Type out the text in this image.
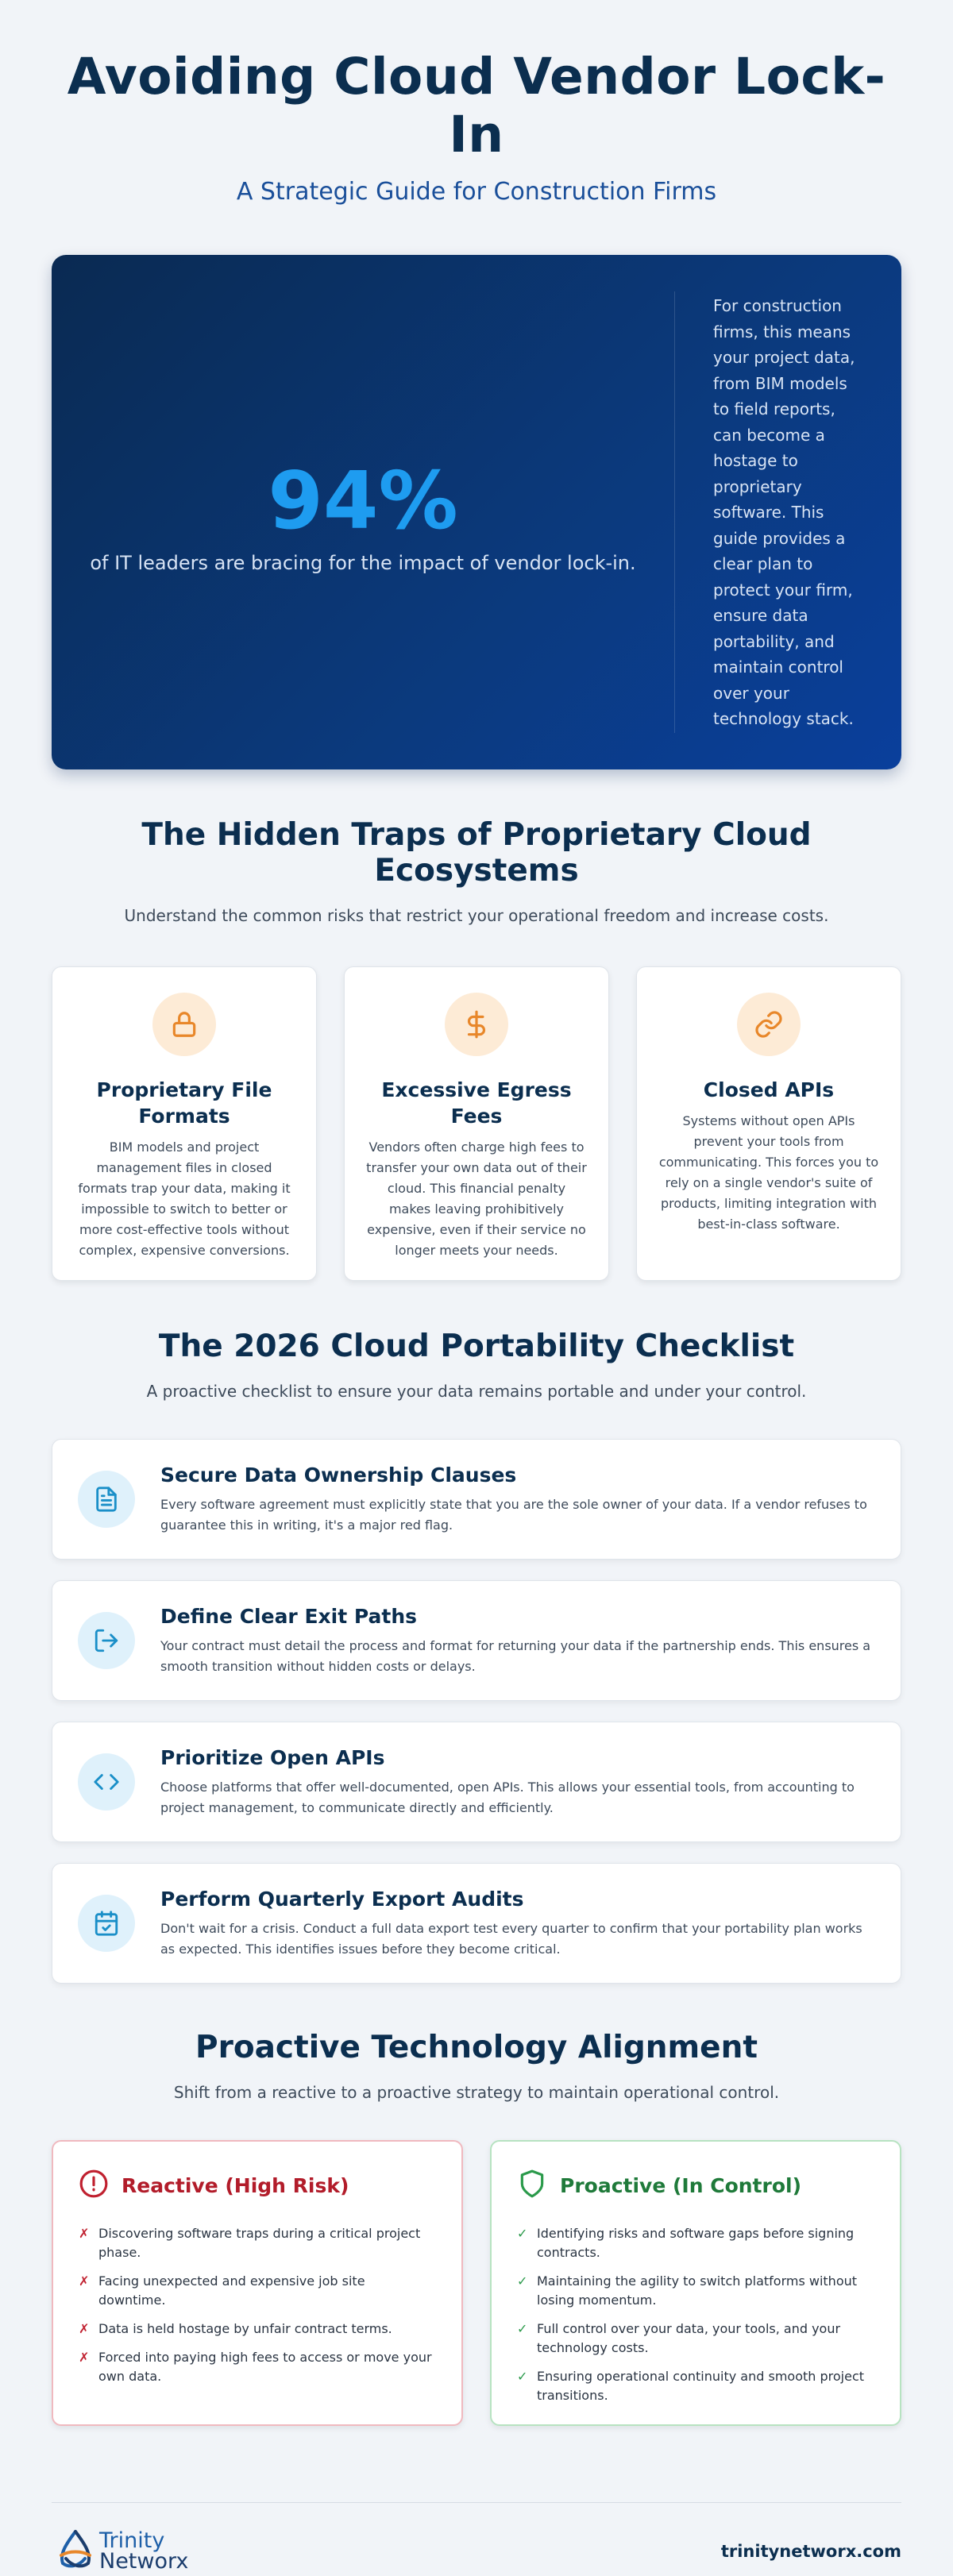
Avoiding Cloud Vendor Lock-In
A Strategic Guide for Construction Firms
94%
of IT leaders are bracing for the impact of vendor lock-in.
For construction firms, this means your project data, from BIM models to field reports, can become a hostage to proprietary software. This guide provides a clear plan to protect your firm, ensure data portability, and maintain control over your technology stack.
The Hidden Traps of Proprietary Cloud Ecosystems
Understand the common risks that restrict your operational freedom and increase costs.
Proprietary File Formats
BIM models and project management files in closed formats trap your data, making it impossible to switch to better or more cost-effective tools without complex, expensive conversions.
Excessive Egress Fees
Vendors often charge high fees to transfer your own data out of their cloud. This financial penalty makes leaving prohibitively expensive, even if their service no longer meets your needs.
Closed APIs
Systems without open APIs prevent your tools from communicating. This forces you to rely on a single vendor's suite of products, limiting integration with best-in-class software.
The 2026 Cloud Portability Checklist
A proactive checklist to ensure your data remains portable and under your control.
Secure Data Ownership Clauses
Every software agreement must explicitly state that you are the sole owner of your data. If a vendor refuses to guarantee this in writing, it's a major red flag.
Define Clear Exit Paths
Your contract must detail the process and format for returning your data if the partnership ends. This ensures a smooth transition without hidden costs or delays.
Prioritize Open APIs
Choose platforms that offer well-documented, open APIs. This allows your essential tools, from accounting to project management, to communicate directly and efficiently.
Perform Quarterly Export Audits
Don't wait for a crisis. Conduct a full data export test every quarter to confirm that your portability plan works as expected. This identifies issues before they become critical.
Proactive Technology Alignment
Shift from a reactive to a proactive strategy to maintain operational control.
Reactive (High Risk)
✗ Discovering software traps during a critical project phase.
✗ Facing unexpected and expensive job site downtime.
✗ Data is held hostage by unfair contract terms.
✗ Forced into paying high fees to access or move your own data.
Proactive (In Control)
✓ Identifying risks and software gaps before signing contracts.
✓ Maintaining the agility to switch platforms without losing momentum.
✓ Full control over your data, your tools, and your technology costs.
✓ Ensuring operational continuity and smooth project transitions.
Trinity
Networx	trinitynetworx.com
